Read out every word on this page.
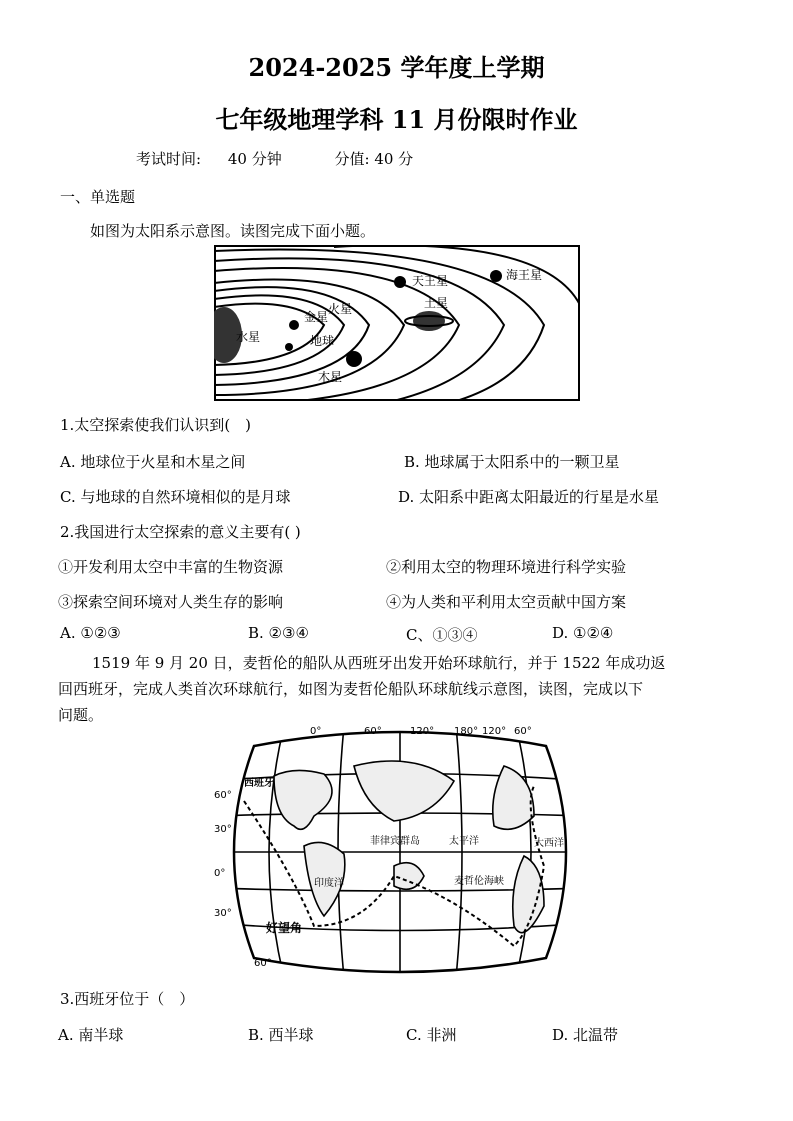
2024-2025 学年度上学期
七年级地理学科 11 月份限时作业
考试时间: 40 分钟	分值: 40 分
一、单选题
如图为太阳系示意图。读图完成下面小题。
天王星	海王星
土星
火星
金星
水星	地球
木星
1.太空探索使我们认识到(　)
A. 地球位于火星和木星之间	B. 地球属于太阳系中的一颗卫星
C. 与地球的自然环境相似的是月球	D. 太阳系中距离太阳最近的行星是水星
2.我国进行太空探索的意义主要有( )
①开发利用太空中丰富的生物资源	②利用太空的物理环境进行科学实验
③探索空间环境对人类生存的影响	④为人类和平利用太空贡献中国方案
A. ①②③	B. ②③④	C、①③④	D. ①②④
1519 年 9 月 20 日，麦哲伦的船队从西班牙出发开始环球航行，并于 1522 年成功返
回西班牙，完成人类首次环球航行，如图为麦哲伦船队环球航线示意图，读图，完成以下
问题。
0°	60°	120° 180° 120° 60°
60°
30°
0°
30°
60°
西班牙
菲律宾群岛
印度洋
太平洋	大西洋
好望角
麦哲伦海峡
3.西班牙位于（　）
A. 南半球	B. 西半球	C. 非洲	D. 北温带
